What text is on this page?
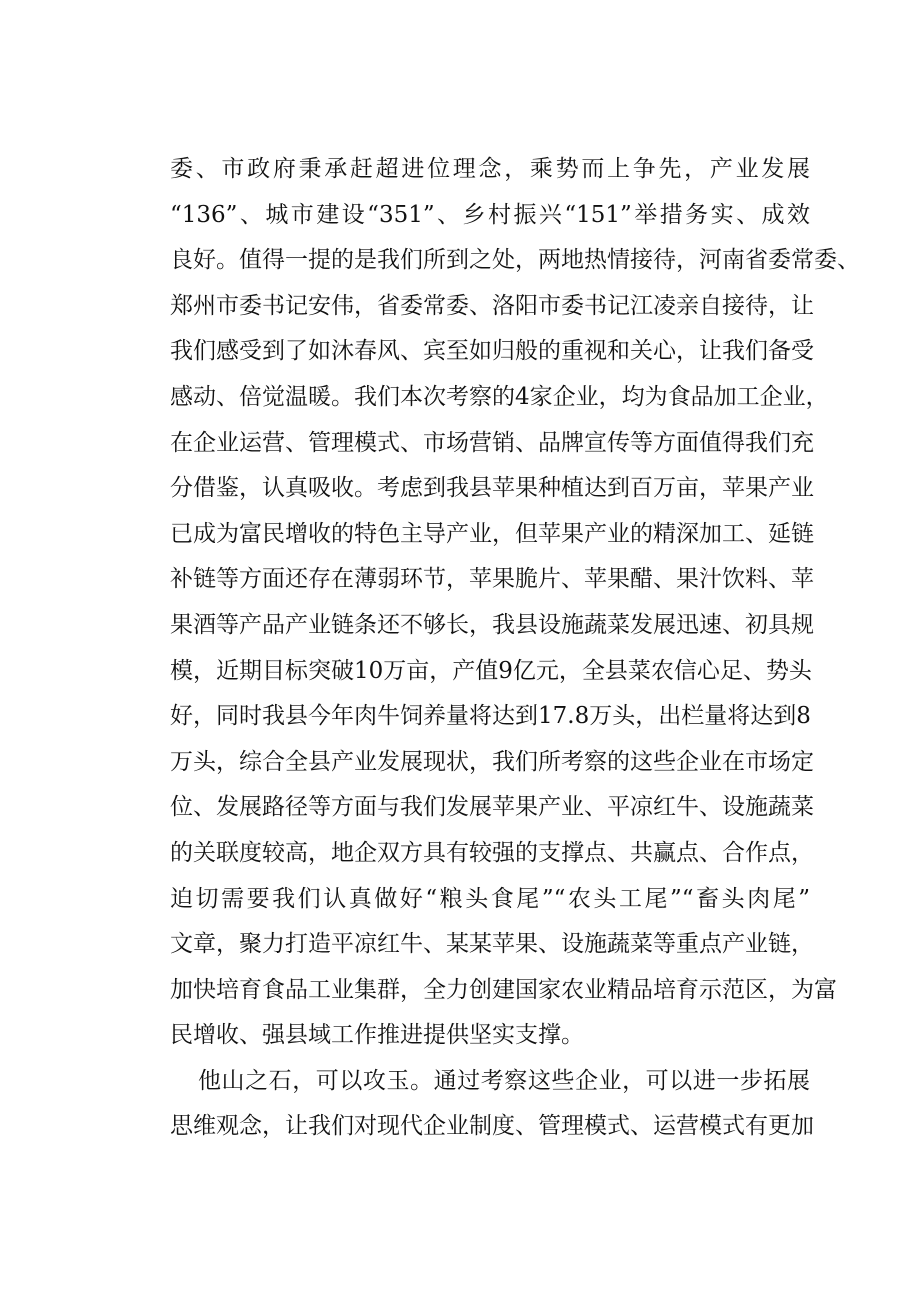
委、市政府秉承赶超进位理念，乘势而上争先，产业发展
“136”、城市建设“351”、乡村振兴“151”举措务实、成效
良好。值得一提的是我们所到之处，两地热情接待，河南省委常委、
郑州市委书记安伟，省委常委、洛阳市委书记江凌亲自接待，让
我们感受到了如沐春风、宾至如归般的重视和关心，让我们备受
感动、倍觉温暖。我们本次考察的4家企业，均为食品加工企业，
在企业运营、管理模式、市场营销、品牌宣传等方面值得我们充
分借鉴，认真吸收。考虑到我县苹果种植达到百万亩，苹果产业
已成为富民增收的特色主导产业，但苹果产业的精深加工、延链
补链等方面还存在薄弱环节，苹果脆片、苹果醋、果汁饮料、苹
果酒等产品产业链条还不够长，我县设施蔬菜发展迅速、初具规
模，近期目标突破10万亩，产值9亿元，全县菜农信心足、势头
好，同时我县今年肉牛饲养量将达到17.8万头，出栏量将达到8
万头，综合全县产业发展现状，我们所考察的这些企业在市场定
位、发展路径等方面与我们发展苹果产业、平凉红牛、设施蔬菜
的关联度较高，地企双方具有较强的支撑点、共赢点、合作点，
迫切需要我们认真做好“粮头食尾”“农头工尾”“畜头肉尾”
文章，聚力打造平凉红牛、某某苹果、设施蔬菜等重点产业链，
加快培育食品工业集群，全力创建国家农业精品培育示范区，为富
民增收、强县域工作推进提供坚实支撑。
他山之石，可以攻玉。通过考察这些企业，可以进一步拓展
思维观念，让我们对现代企业制度、管理模式、运营模式有更加
